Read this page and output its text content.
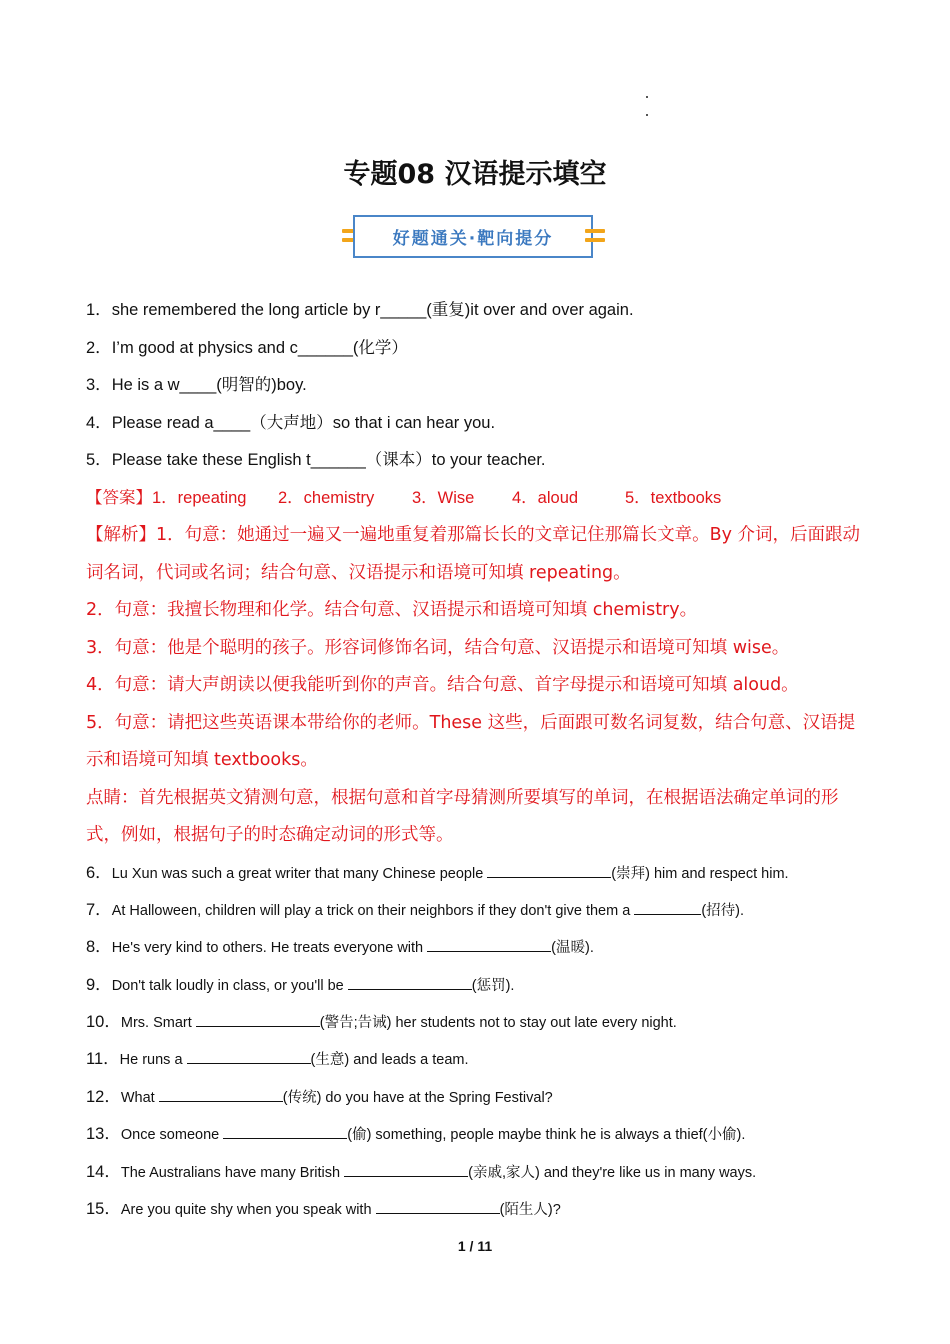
专题08 汉语提示填空
好题通关·靶向提分
1．she remembered the long article by r_____(重复)it over and over again.
2．I’m good at physics and c______(化学）
3．He is a w____(明智的)boy.
4．Please read a____（大声地）so that i can hear you.
5．Please take these English t______（课本）to your teacher.
【答案】1．repeating 2．chemistry 3．Wise 4．aloud	5．textbooks
【解析】1．句意：她通过一遍又一遍地重复着那篇长长的文章记住那篇长文章。By 介词，后面跟动词名词，代词或名词；结合句意、汉语提示和语境可知填 repeating。
2．句意：我擅长物理和化学。结合句意、汉语提示和语境可知填 chemistry。
3．句意：他是个聪明的孩子。形容词修饰名词，结合句意、汉语提示和语境可知填 wise。
4．句意：请大声朗读以便我能听到你的声音。结合句意、首字母提示和语境可知填 aloud。
5．句意：请把这些英语课本带给你的老师。These 这些，后面跟可数名词复数，结合句意、汉语提示和语境可知填 textbooks。
点睛：首先根据英文猜测句意，根据句意和首字母猜测所要填写的单词，在根据语法确定单词的形式，例如，根据句子的时态确定动词的形式等。
6．Lu Xun was such a great writer that many Chinese people	(崇拜) him and respect him.
7．At Halloween, children will play a trick on their neighbors if they don't give them a	(招待).
8．He's very kind to others. He treats everyone with	(温暖).
9．Don't talk loudly in class, or you'll be	(惩罚).
10．Mrs. Smart	(警告;告诫) her students not to stay out late every night.
11．He runs a	(生意) and leads a team.
12．What	(传统) do you have at the Spring Festival?
13．Once someone	(偷) something, people maybe think he is always a thief(小偷).
14．The Australians have many British	(亲戚,家人) and they're like us in many ways.
15．Are you quite shy when you speak with	(陌生人)?
1 / 11
